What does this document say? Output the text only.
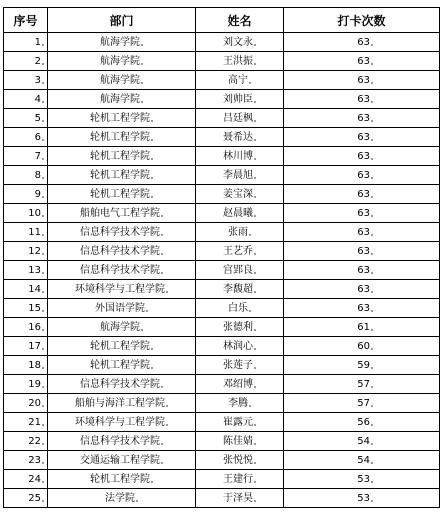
序号	部门	姓名	打卡次数
1	航海学院	刘文永	63
2	航海学院	王洪振	63
3	航海学院	高宁	63
4	航海学院	刘帅臣	63
5	轮机工程学院	吕廷枫	63
6	轮机工程学院	聂希达	63
7	轮机工程学院	林川博	63
8	轮机工程学院	李晨旭	63
9	轮机工程学院	姜宝深	63
10	船舶电气工程学院	赵晨曦	63
11	信息科学技术学院	张雨	63
12	信息科学技术学院	王艺乔	63
13	信息科学技术学院	宫郢良	63
14	环境科学与工程学院	李馥超	63
15	外国语学院	白乐	63
16	航海学院	张德利	61
17	轮机工程学院	林润心	60
18	轮机工程学院	张莲子	59
19	信息科学技术学院	邓绍博	57
20	船舶与海洋工程学院	李腾	57
21	环境科学与工程学院	崔露元	56
22	信息科学技术学院	陈佳婧	54
23	交通运输工程学院	张悦悦	54
24	轮机工程学院	王建行	53
25	法学院	于泽昊	53
